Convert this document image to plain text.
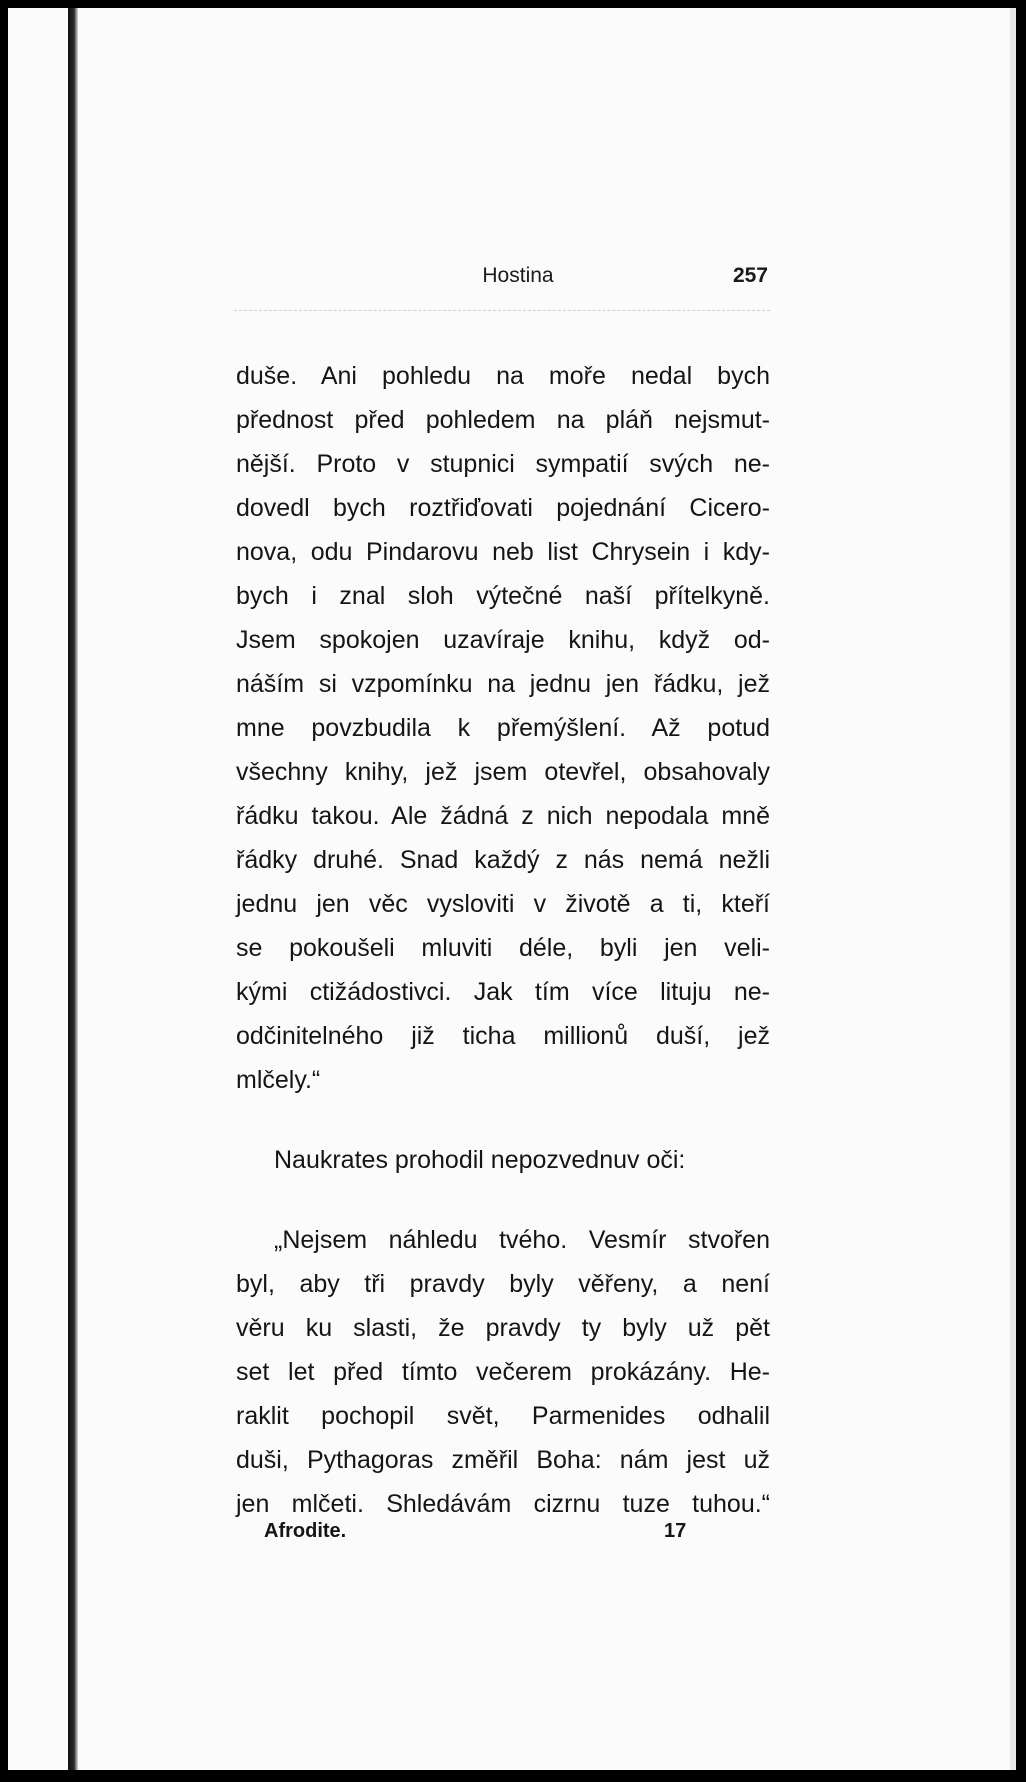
Hostina	257
duše. Ani pohledu na moře nedal bych
přednost před pohledem na pláň nejsmut-
nější. Proto v stupnici sympatií svých ne-
dovedl bych roztřiďovati pojednání Cicero-
nova, odu Pindarovu neb list Chrysein i kdy-
bych i znal sloh výtečné naší přítelkyně.
Jsem spokojen uzavíraje knihu, když od-
náším si vzpomínku na jednu jen řádku, jež
mne povzbudila k přemýšlení. Až potud
všechny knihy, jež jsem otevřel, obsahovaly
řádku takou. Ale žádná z nich nepodala mně
řádky druhé. Snad každý z nás nemá nežli
jednu jen věc vysloviti v životě a ti, kteří
se pokoušeli mluviti déle, byli jen veli-
kými ctižádostivci. Jak tím více lituju ne-
odčinitelného již ticha millionů duší, jež
mlčely.“
Naukrates prohodil nepozvednuv oči:
„Nejsem náhledu tvého. Vesmír stvořen
byl, aby tři pravdy byly věřeny, a není
věru ku slasti, že pravdy ty byly už pět
set let před tímto večerem prokázány. He-
raklit pochopil svět, Parmenides odhalil
duši, Pythagoras změřil Boha: nám jest už
jen mlčeti. Shledávám cizrnu tuze tuhou.“
Afrodite.	17
